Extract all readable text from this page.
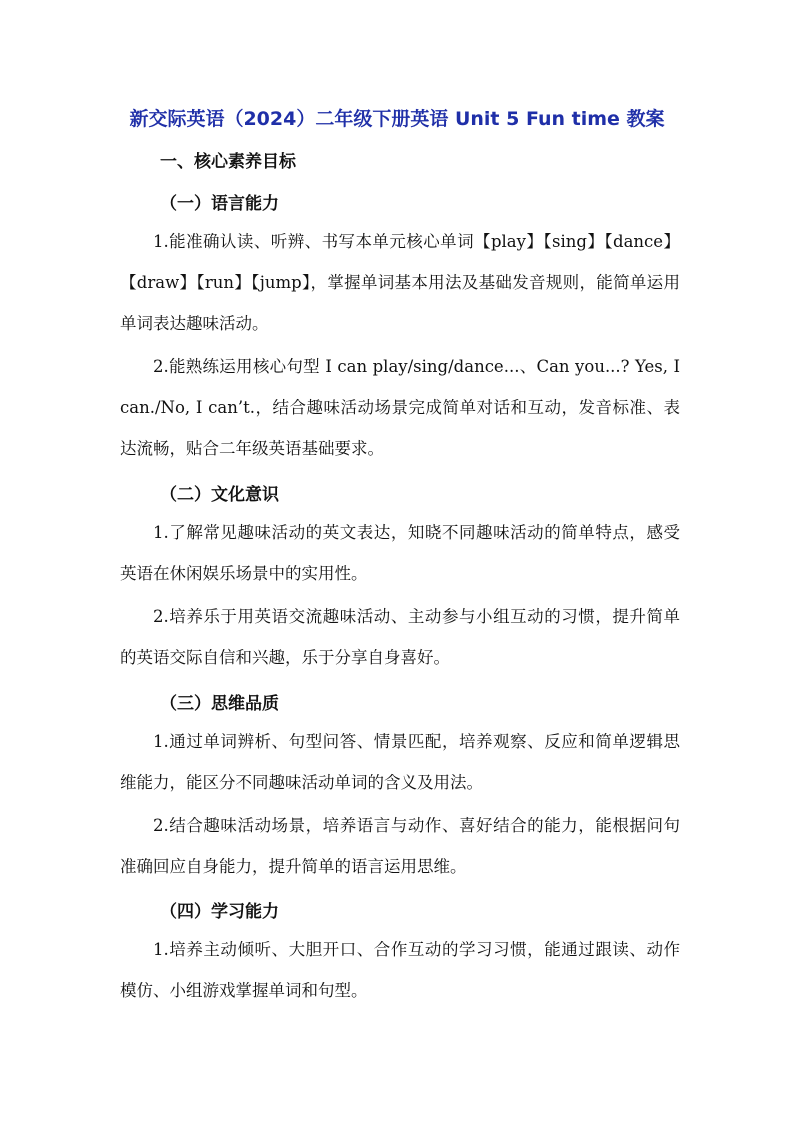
新交际英语（2024）二年级下册英语 Unit 5 Fun time 教案
一、核心素养目标
（一）语言能力

1.能准确认读、听辨、书写本单元核心单词【play】【sing】【dance】【draw】【run】【jump】，掌握单词基本用法及基础发音规则，能简单运用单词表达趣味活动。

2.能熟练运用核心句型 I can play/sing/dance...、Can you...? Yes, I can./No, I can’t.，结合趣味活动场景完成简单对话和互动，发音标准、表达流畅，贴合二年级英语基础要求。

（二）文化意识

1.了解常见趣味活动的英文表达，知晓不同趣味活动的简单特点，感受英语在休闲娱乐场景中的实用性。

2.培养乐于用英语交流趣味活动、主动参与小组互动的习惯，提升简单的英语交际自信和兴趣，乐于分享自身喜好。

（三）思维品质

1.通过单词辨析、句型问答、情景匹配，培养观察、反应和简单逻辑思维能力，能区分不同趣味活动单词的含义及用法。

2.结合趣味活动场景，培养语言与动作、喜好结合的能力，能根据问句准确回应自身能力，提升简单的语言运用思维。

（四）学习能力

1.培养主动倾听、大胆开口、合作互动的学习习惯，能通过跟读、动作模仿、小组游戏掌握单词和句型。
